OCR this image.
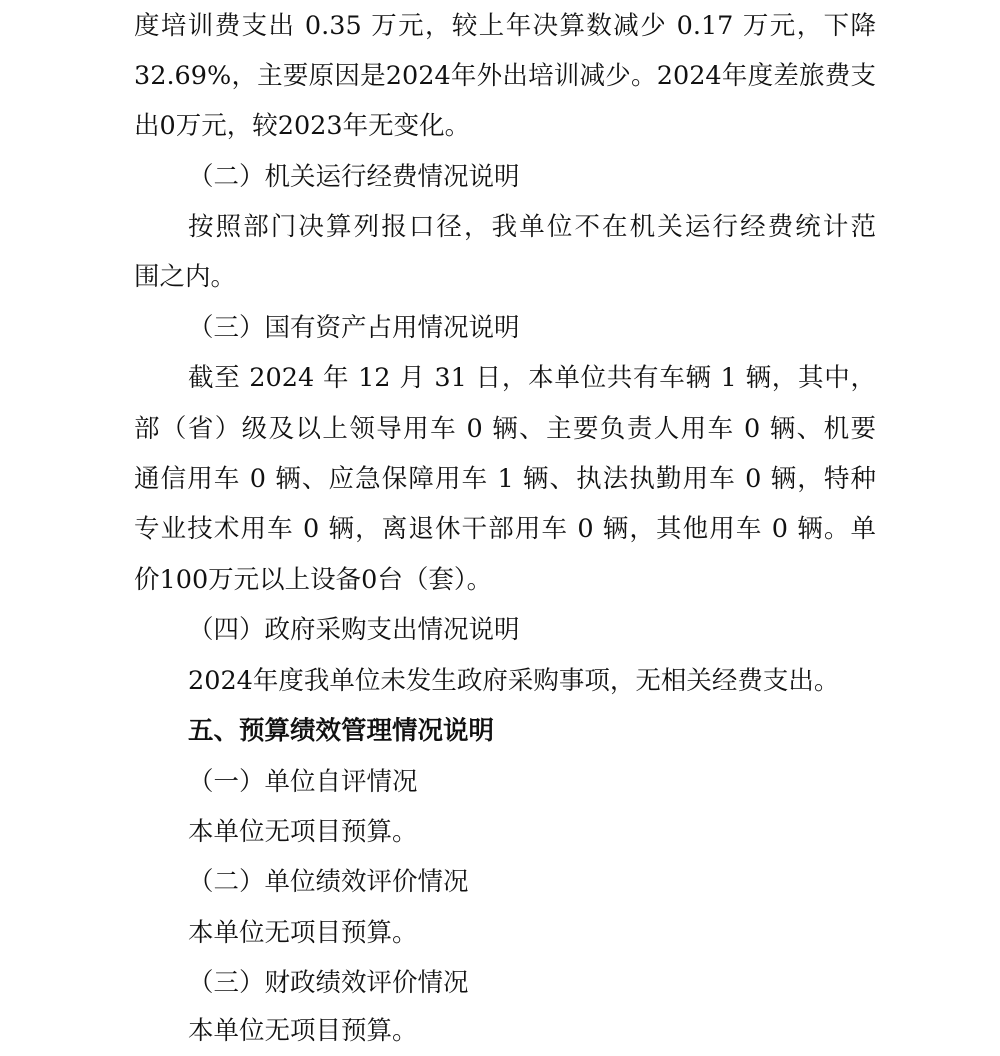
度培训费支出 0.35 万元，较上年决算数减少 0.17 万元，下降
32.69%，主要原因是2024年外出培训减少。2024年度差旅费支
出0万元，较2023年无变化。
（二）机关运行经费情况说明
按照部门决算列报口径，我单位不在机关运行经费统计范
围之内。
（三）国有资产占用情况说明
截至 2024 年 12 月 31 日，本单位共有车辆 1 辆，其中，
部（省）级及以上领导用车 0 辆、主要负责人用车 0 辆、机要
通信用车 0 辆、应急保障用车 1 辆、执法执勤用车 0 辆，特种
专业技术用车 0 辆，离退休干部用车 0 辆，其他用车 0 辆。单
价100万元以上设备0台（套）。
（四）政府采购支出情况说明
2024年度我单位未发生政府采购事项，无相关经费支出。
五、预算绩效管理情况说明
（一）单位自评情况
本单位无项目预算。
（二）单位绩效评价情况
本单位无项目预算。
（三）财政绩效评价情况
本单位无项目预算。
